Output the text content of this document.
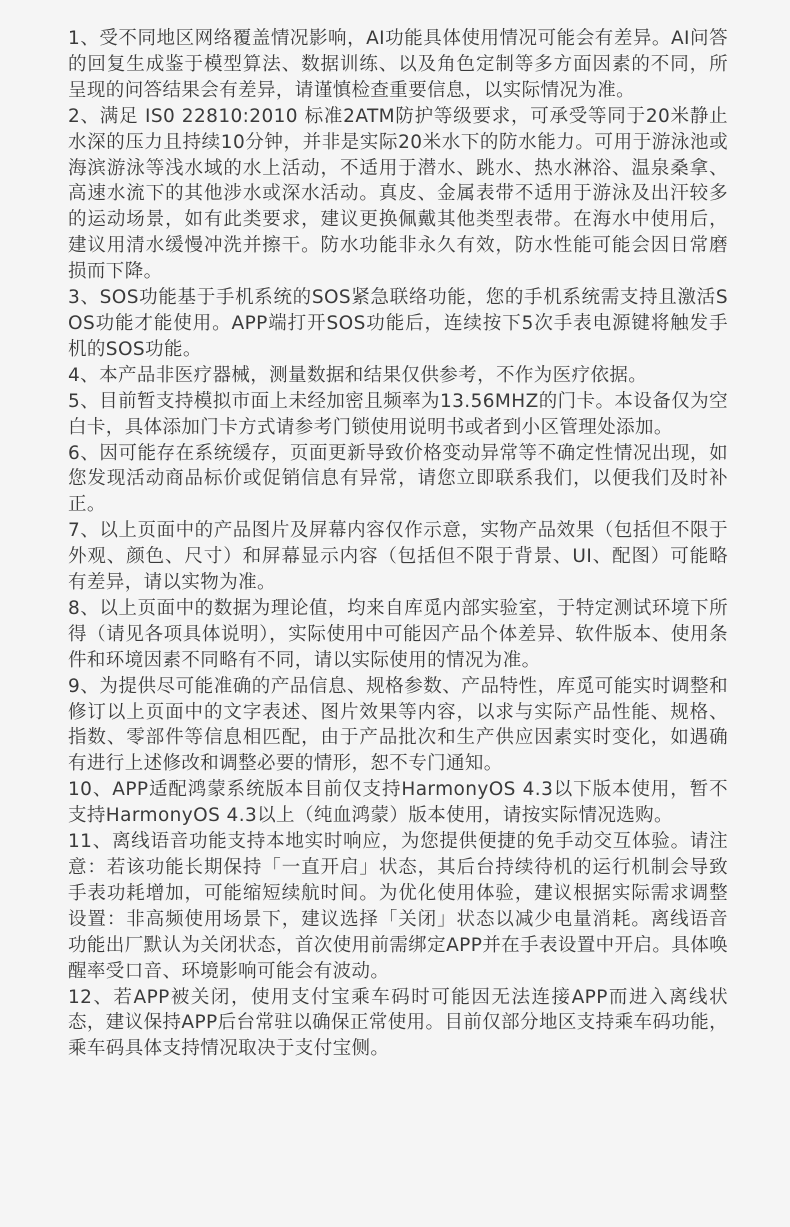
1、受不同地区网络覆盖情况影响，AI功能具体使用情况可能会有差异。AI问答的回复生成鉴于模型算法、数据训练、以及角色定制等多方面因素的不同，所呈现的问答结果会有差异，请谨慎检查重要信息，以实际情况为准。
2、满足 IS0 22810:2010 标准2ATM防护等级要求，可承受等同于20米静止水深的压力且持续10分钟，并非是实际20米水下的防水能力。可用于游泳池或海滨游泳等浅水域的水上活动，不适用于潜水、跳水、热水淋浴、温泉桑拿、高速水流下的其他涉水或深水活动。真皮、金属表带不适用于游泳及出汗较多的运动场景，如有此类要求，建议更换佩戴其他类型表带。在海水中使用后，建议用清水缓慢冲洗并擦干。防水功能非永久有效，防水性能可能会因日常磨损而下降。
3、SOS功能基于手机系统的SOS紧急联络功能，您的手机系统需支持且激活SOS功能才能使用。APP端打开SOS功能后，连续按下5次手表电源键将触发手机的SOS功能。
4、本产品非医疗器械，测量数据和结果仅供参考，不作为医疗依据。
5、目前暂支持模拟市面上未经加密且频率为13.56MHZ的门卡。本设备仅为空白卡，具体添加门卡方式请参考门锁使用说明书或者到小区管理处添加。
6、因可能存在系统缓存，页面更新导致价格变动异常等不确定性情况出现，如您发现活动商品标价或促销信息有异常，请您立即联系我们，以便我们及时补正。
7、以上页面中的产品图片及屏幕内容仅作示意，实物产品效果（包括但不限于外观、颜色、尺寸）和屏幕显示内容（包括但不限于背景、UI、配图）可能略有差异，请以实物为准。
8、以上页面中的数据为理论值，均来自库觅内部实验室，于特定测试环境下所得（请见各项具体说明），实际使用中可能因产品个体差异、软件版本、使用条件和环境因素不同略有不同，请以实际使用的情况为准。
9、为提供尽可能准确的产品信息、规格参数、产品特性，库觅可能实时调整和修订以上页面中的文字表述、图片效果等内容，以求与实际产品性能、规格、指数、零部件等信息相匹配，由于产品批次和生产供应因素实时变化，如遇确有进行上述修改和调整必要的情形，恕不专门通知。
10、APP适配鸿蒙系统版本目前仅支持HarmonyOS 4.3以下版本使用，暂不支持HarmonyOS 4.3以上（纯血鸿蒙）版本使用，请按实际情况选购。
11、离线语音功能支持本地实时响应，为您提供便捷的免手动交互体验。请注意：若该功能长期保持「一直开启」状态，其后台持续待机的运行机制会导致手表功耗增加，可能缩短续航时间。为优化使用体验，建议根据实际需求调整设置：非高频使用场景下，建议选择「关闭」状态以减少电量消耗。离线语音功能出厂默认为关闭状态，首次使用前需绑定APP并在手表设置中开启。具体唤醒率受口音、环境影响可能会有波动。
12、若APP被关闭，使用支付宝乘车码时可能因无法连接APP而进入离线状态，建议保持APP后台常驻以确保正常使用。目前仅部分地区支持乘车码功能，乘车码具体支持情况取决于支付宝侧。
